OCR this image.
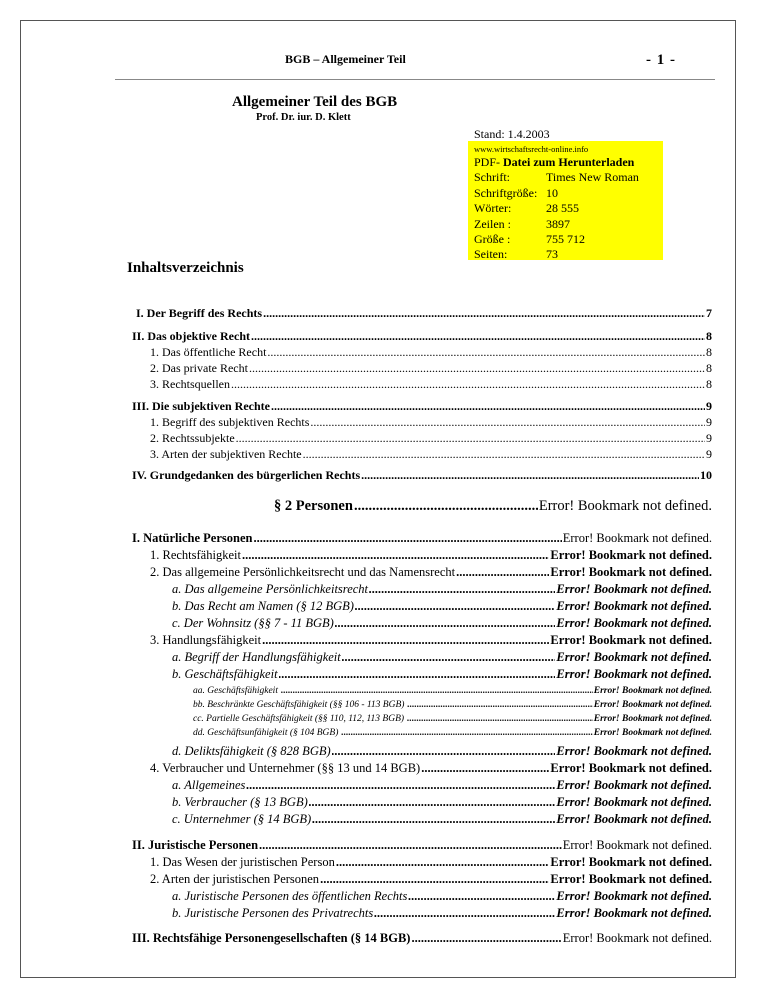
BGB – Allgemeiner Teil	- 1 -
Allgemeiner Teil des BGB
Prof. Dr. iur. D. Klett
Stand: 1.4.2003
www.wirtschaftsrecht-online.info
PDF- Datei zum Herunterladen
Schrift:	Times New Roman
Schriftgröße: 10
Wörter:	28 555
Zeilen :	3897
Größe :	755 712
Seiten:	73
Inhaltsverzeichnis
I. Der Begriff des Rechts .....	7
II. Das objektive Recht .....	8
1. Das öffentliche Recht .....	8
2. Das private Recht .....	8
3. Rechtsquellen .....	8
III. Die subjektiven Rechte .....	9
1. Begriff des subjektiven Rechts .....	9
2. Rechtssubjekte .....	9
3. Arten der subjektiven Rechte .....	9
IV. Grundgedanken des bürgerlichen Rechts .....	10
§ 2 Personen .....	Error! Bookmark not defined.
I. Natürliche Personen .....	Error! Bookmark not defined.
1. Rechtsfähigkeit .....	Error! Bookmark not defined.
2. Das allgemeine Persönlichkeitsrecht und das Namensrecht .....	Error! Bookmark not defined.
a. Das allgemeine Persönlichkeitsrecht .....	Error! Bookmark not defined.
b. Das Recht am Namen (§ 12 BGB) .....	Error! Bookmark not defined.
c. Der Wohnsitz (§§ 7 - 11 BGB) .....	Error! Bookmark not defined.
3. Handlungsfähigkeit .....	Error! Bookmark not defined.
a. Begriff der Handlungsfähigkeit .....	Error! Bookmark not defined.
b. Geschäftsfähigkeit .....	Error! Bookmark not defined.
aa. Geschäftsfähigkeit .....	Error! Bookmark not defined.
bb. Beschränkte Geschäftsfähigkeit (§§ 106 - 113 BGB) .....	Error! Bookmark not defined.
cc. Partielle Geschäftsfähigkeit (§§ 110, 112, 113 BGB) .....	Error! Bookmark not defined.
dd. Geschäftsunfähigkeit (§ 104 BGB) .....	Error! Bookmark not defined.
d. Deliktsfähigkeit (§ 828 BGB) .....	Error! Bookmark not defined.
4. Verbraucher und Unternehmer (§§ 13 und 14 BGB) .....	Error! Bookmark not defined.
a. Allgemeines .....	Error! Bookmark not defined.
b. Verbraucher (§ 13 BGB) .....	Error! Bookmark not defined.
c. Unternehmer (§ 14 BGB) .....	Error! Bookmark not defined.
II. Juristische Personen .....	Error! Bookmark not defined.
1. Das Wesen der juristischen Person .....	Error! Bookmark not defined.
2. Arten der juristischen Personen .....	Error! Bookmark not defined.
a. Juristische Personen des öffentlichen Rechts .....	Error! Bookmark not defined.
b. Juristische Personen des Privatrechts .....	Error! Bookmark not defined.
III. Rechtsfähige Personengesellschaften (§ 14 BGB) .....	Error! Bookmark not defined.
